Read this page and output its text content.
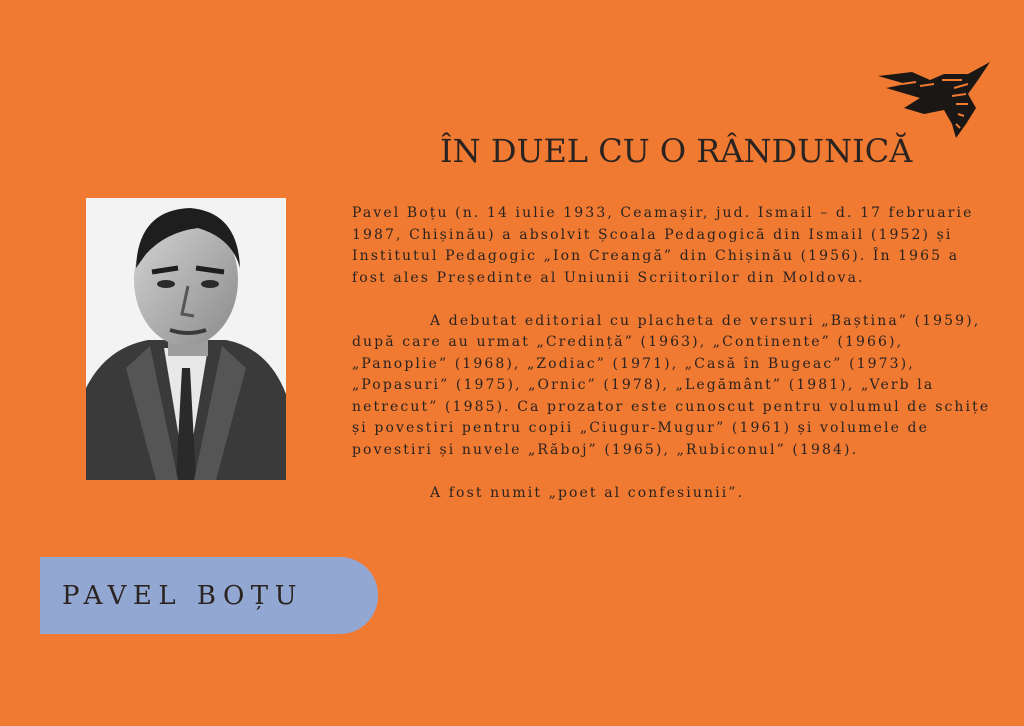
ÎN DUEL CU O RÂNDUNICĂ

Pavel Boțu (n. 14 iulie 1933, Ceamașir, jud. Ismail – d. 17 februarie 1987, Chișinău) a absolvit Școala Pedagogică din Ismail (1952) și Institutul Pedagogic „Ion Creangă” din Chișinău (1956). În 1965 a fost ales Președinte al Uniunii Scriitorilor din Moldova.

A debutat editorial cu placheta de versuri „Baștina” (1959), după care au urmat „Credință” (1963), „Continente” (1966), „Panoplie” (1968), „Zodiac” (1971), „Casă în Bugeac” (1973), „Popasuri” (1975), „Ornic” (1978), „Legământ” (1981), „Verb la netrecut” (1985). Ca prozator este cunoscut pentru volumul de schițe și povestiri pentru copii „Ciugur-Mugur” (1961) și volumele de povestiri și nuvele „Răboj” (1965), „Rubiconul” (1984).

A fost numit „poet al confesiunii”.

PAVEL BOȚU
